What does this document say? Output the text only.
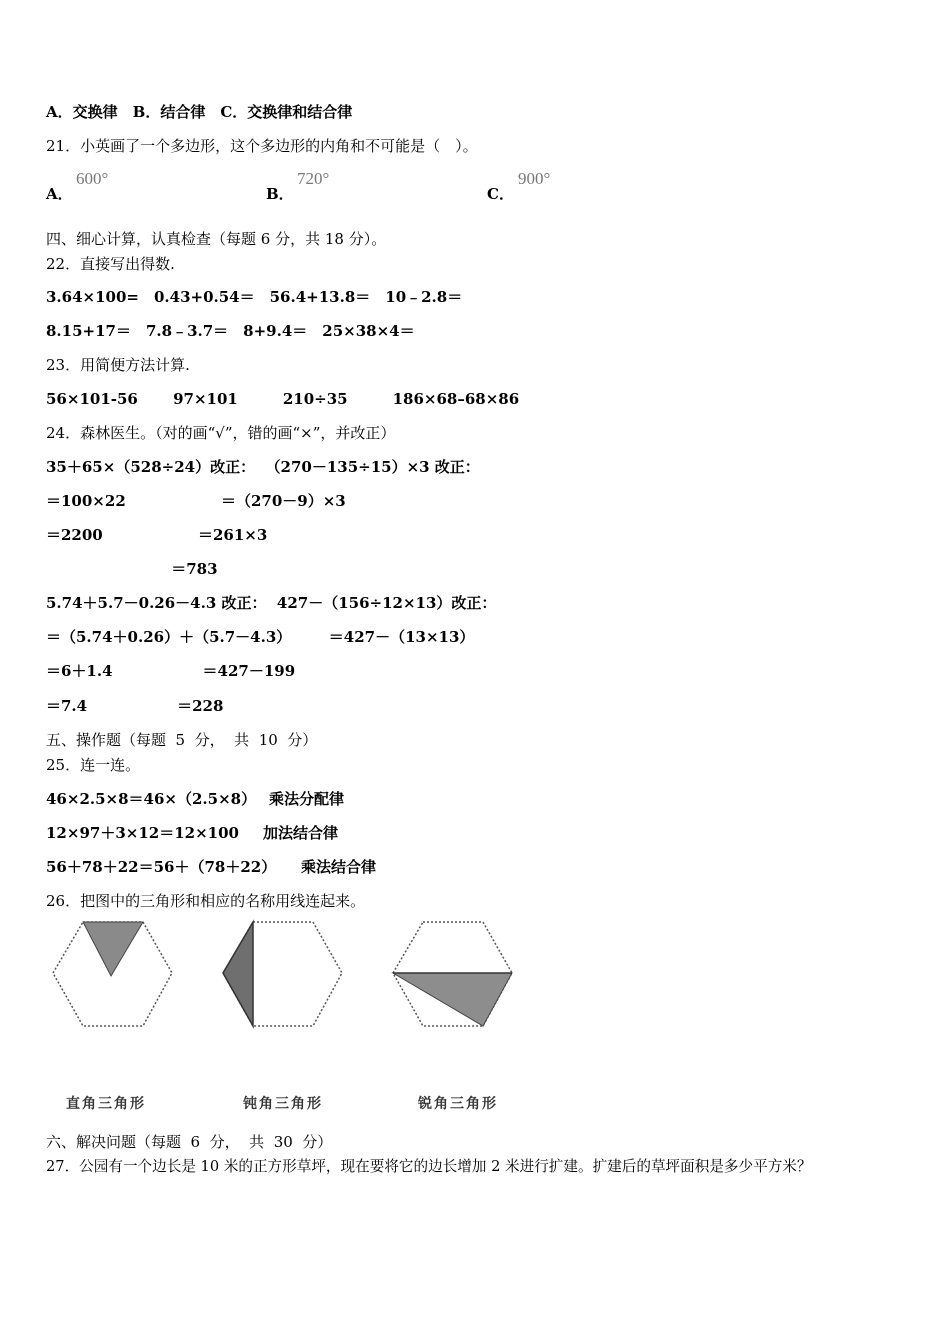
A．交换律　B．结合律　C．交换律和结合律
21．小英画了一个多边形，这个多边形的内角和不可能是（　）。
A．
600°
B．
720°
C．
900°
四、细心计算，认真检查（每题 6 分，共 18 分）。
22．直接写出得数.
3.64×100=　0.43+0.54＝　56.4+13.8＝　10﹣2.8＝
8.15+17＝　7.8﹣3.7＝　8+9.4＝　25×38×4＝
23．用简便方法计算.
56×101-56　　 97×101　　　210÷35　　　186×68–68×86
24．森林医生。（对的画“√”，错的画“×”，并改正）
35＋65×（528÷24）改正：  （270－135÷15）×3 改正：
＝100×22　　　　　　 ＝（270－9）×3
＝2200　　　　　　 ＝261×3
　　　　　　　　 ＝783
5.74＋5.7－0.26－4.3 改正：  427－（156÷12×13）改正：
＝（5.74＋0.26）＋（5.7－4.3）　　　＝427－（13×13）
＝6＋1.4　　　　　　＝427－199
＝7.4　　　　　　＝228
五、操作题（每题  5  分，  共  10  分）
25．连一连。
46×2.5×8＝46×（2.5×8） 乘法分配律
12×97＋3×12＝12×100 加法结合律
56＋78＋22＝56＋（78＋22） 乘法结合律
26．把图中的三角形和相应的名称用线连起来。
直角三角形	钝角三角形	锐角三角形
六、解决问题（每题  6  分，  共  30  分）
27．公园有一个边长是 10 米的正方形草坪，现在要将它的边长增加 2 米进行扩建。扩建后的草坪面积是多少平方米？
